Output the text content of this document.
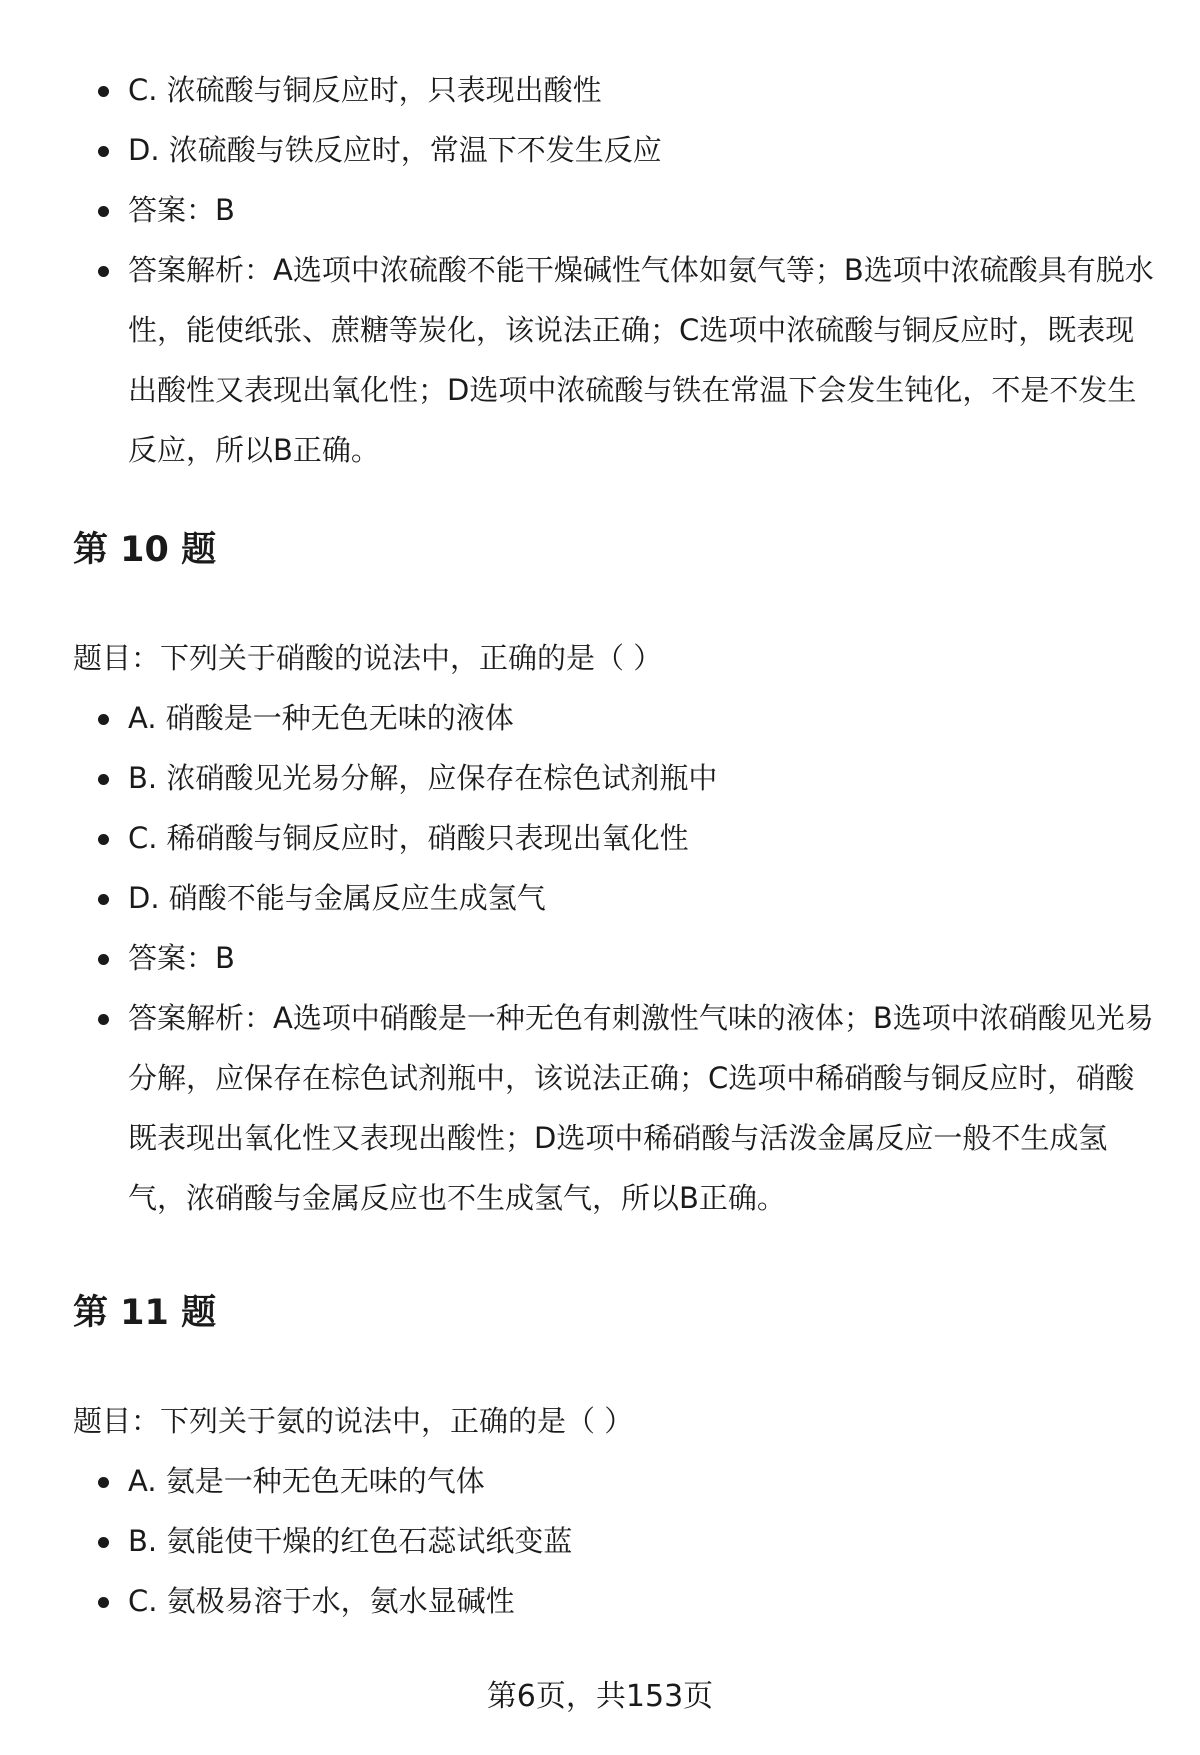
C. 浓硫酸与铜反应时，只表现出酸性
D. 浓硫酸与铁反应时，常温下不发生反应
答案：B
答案解析：A选项中浓硫酸不能干燥碱性气体如氨气等；B选项中浓硫酸具有脱水性，能使纸张、蔗糖等炭化，该说法正确；C选项中浓硫酸与铜反应时，既表现出酸性又表现出氧化性；D选项中浓硫酸与铁在常温下会发生钝化，不是不发生反应，所以B正确。
第 10 题

题目：下列关于硝酸的说法中，正确的是（ ）

A. 硝酸是一种无色无味的液体
B. 浓硝酸见光易分解，应保存在棕色试剂瓶中
C. 稀硝酸与铜反应时，硝酸只表现出氧化性
D. 硝酸不能与金属反应生成氢气
答案：B
答案解析：A选项中硝酸是一种无色有刺激性气味的液体；B选项中浓硝酸见光易分解，应保存在棕色试剂瓶中，该说法正确；C选项中稀硝酸与铜反应时，硝酸既表现出氧化性又表现出酸性；D选项中稀硝酸与活泼金属反应一般不生成氢气，浓硝酸与金属反应也不生成氢气，所以B正确。
第 11 题

题目：下列关于氨的说法中，正确的是（ ）

A. 氨是一种无色无味的气体
B. 氨能使干燥的红色石蕊试纸变蓝
C. 氨极易溶于水，氨水显碱性
第6页，共153页
